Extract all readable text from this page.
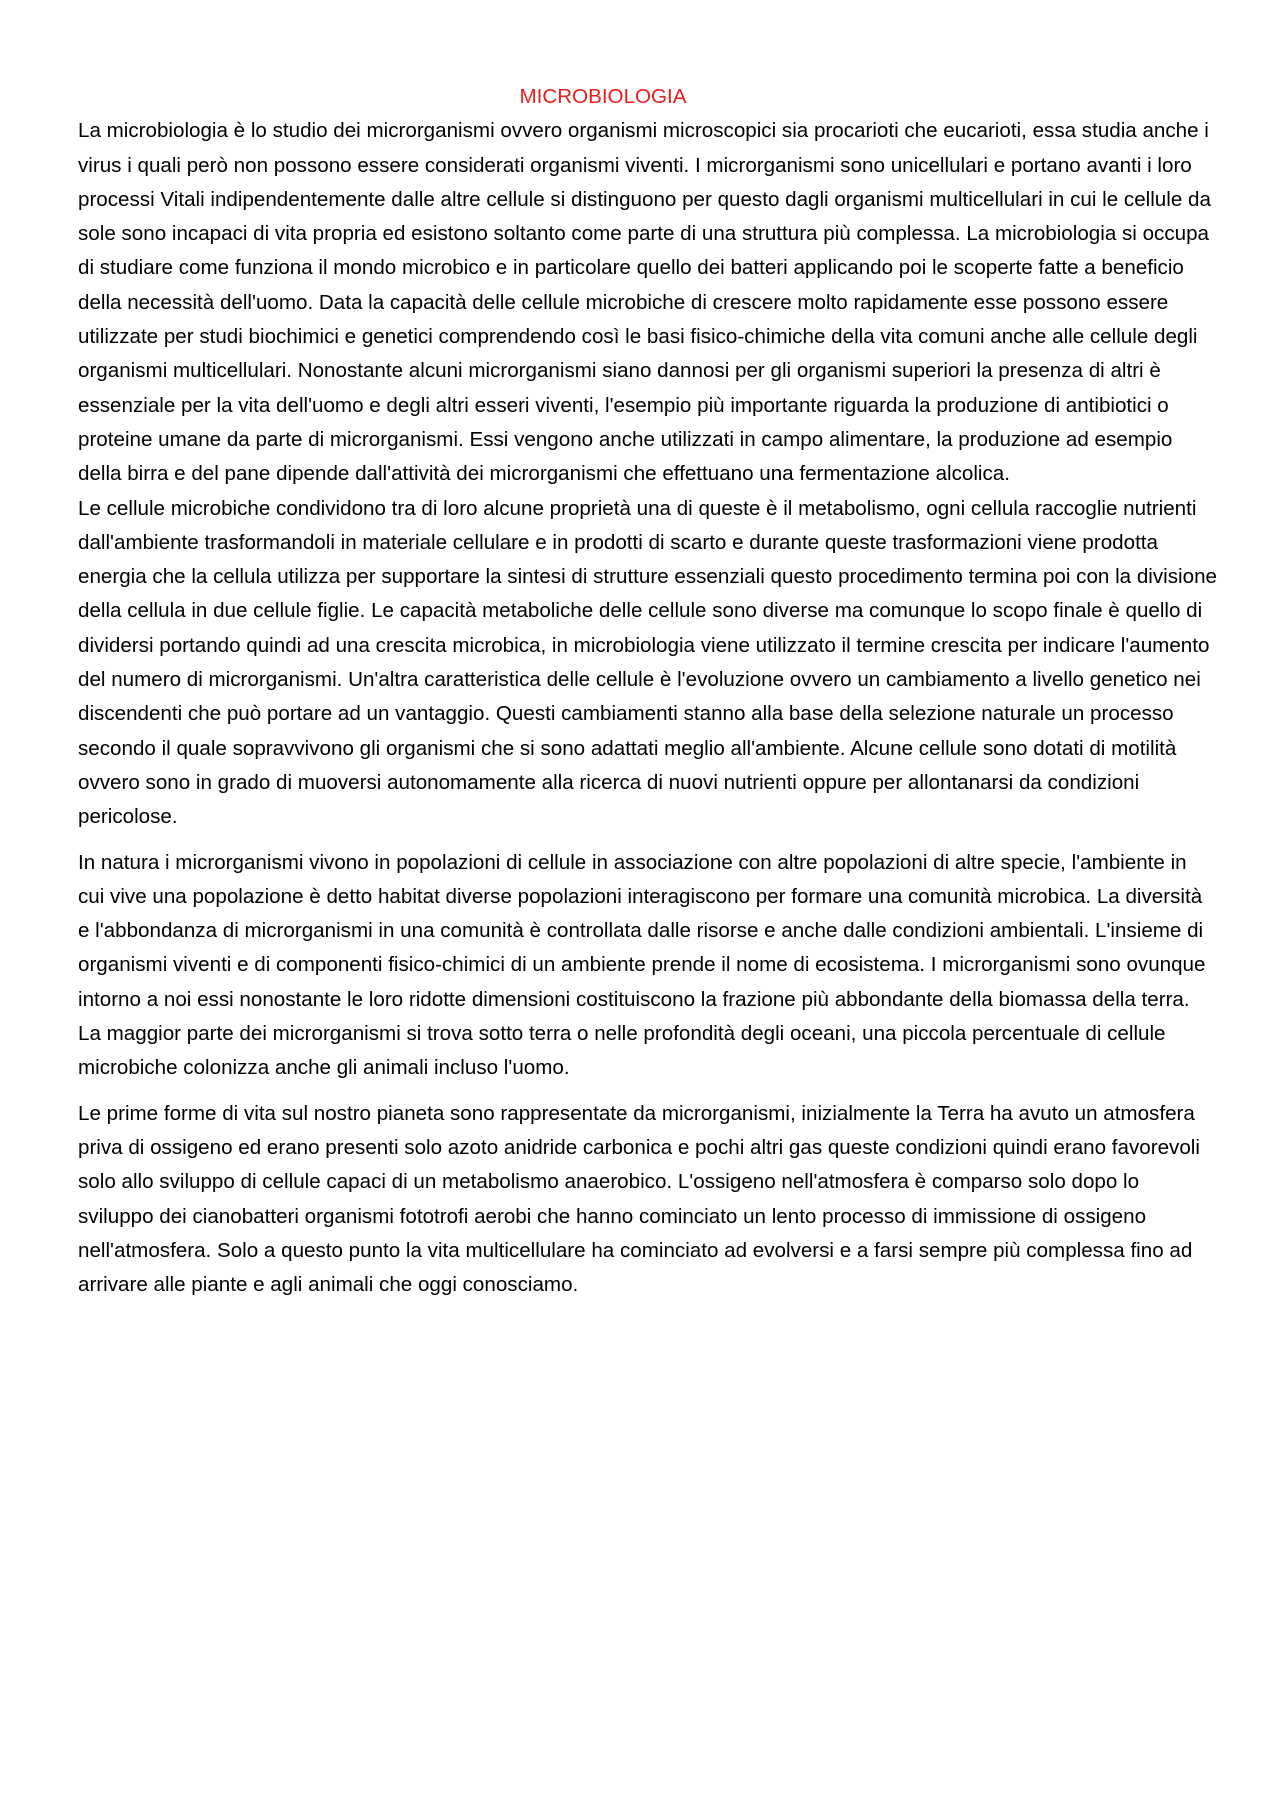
MICROBIOLOGIA

La microbiologia è lo studio dei microrganismi ovvero organismi microscopici sia procarioti che eucarioti, essa studia anche i virus i quali però non possono essere considerati organismi viventi. I microrganismi sono unicellulari e portano avanti i loro processi Vitali indipendentemente dalle altre cellule si distinguono per questo dagli organismi multicellulari in cui le cellule da sole sono incapaci di vita propria ed esistono soltanto come parte di una struttura più complessa. La microbiologia si occupa di studiare come funziona il mondo microbico e in particolare quello dei batteri applicando poi le scoperte fatte a beneficio della necessità dell'uomo. Data la capacità delle cellule microbiche di crescere molto rapidamente esse possono essere utilizzate per studi biochimici e genetici comprendendo così le basi fisico-chimiche della vita comuni anche alle cellule degli organismi multicellulari. Nonostante alcuni microrganismi siano dannosi per gli organismi superiori la presenza di altri è essenziale per la vita dell'uomo e degli altri esseri viventi, l'esempio più importante riguarda la produzione di antibiotici o proteine umane da parte di microrganismi. Essi vengono anche utilizzati in campo alimentare, la produzione ad esempio della birra e del pane dipende dall'attività dei microrganismi che effettuano una fermentazione alcolica.

Le cellule microbiche condividono tra di loro alcune proprietà una di queste è il metabolismo, ogni cellula raccoglie nutrienti dall'ambiente trasformandoli in materiale cellulare e in prodotti di scarto e durante queste trasformazioni viene prodotta energia che la cellula utilizza per supportare la sintesi di strutture essenziali questo procedimento termina poi con la divisione della cellula in due cellule figlie. Le capacità metaboliche delle cellule sono diverse ma comunque lo scopo finale è quello di dividersi portando quindi ad una crescita microbica, in microbiologia viene utilizzato il termine crescita per indicare l'aumento del numero di microrganismi. Un'altra caratteristica delle cellule è l'evoluzione ovvero un cambiamento a livello genetico nei discendenti che può portare ad un vantaggio. Questi cambiamenti stanno alla base della selezione naturale un processo secondo il quale sopravvivono gli organismi che si sono adattati meglio all'ambiente. Alcune cellule sono dotati di motilità ovvero sono in grado di muoversi autonomamente alla ricerca di nuovi nutrienti oppure per allontanarsi da condizioni pericolose.

In natura i microrganismi vivono in popolazioni di cellule in associazione con altre popolazioni di altre specie, l'ambiente in cui vive una popolazione è detto habitat diverse popolazioni interagiscono per formare una comunità microbica. La diversità e l'abbondanza di microrganismi in una comunità è controllata dalle risorse e anche dalle condizioni ambientali. L'insieme di organismi viventi e di componenti fisico-chimici di un ambiente prende il nome di ecosistema. I microrganismi sono ovunque intorno a noi essi nonostante le loro ridotte dimensioni costituiscono la frazione più abbondante della biomassa della terra. La maggior parte dei microrganismi si trova sotto terra o nelle profondità degli oceani, una piccola percentuale di cellule microbiche colonizza anche gli animali incluso l'uomo.

Le prime forme di vita sul nostro pianeta sono rappresentate da microrganismi, inizialmente la Terra ha avuto un atmosfera priva di ossigeno ed erano presenti solo azoto anidride carbonica e pochi altri gas queste condizioni quindi erano favorevoli solo allo sviluppo di cellule capaci di un metabolismo anaerobico. L'ossigeno nell'atmosfera è comparso solo dopo lo sviluppo dei cianobatteri organismi fototrofi aerobi che hanno cominciato un lento processo di immissione di ossigeno nell'atmosfera. Solo a questo punto la vita multicellulare ha cominciato ad evolversi e a farsi sempre più complessa fino ad arrivare alle piante e agli animali che oggi conosciamo.
